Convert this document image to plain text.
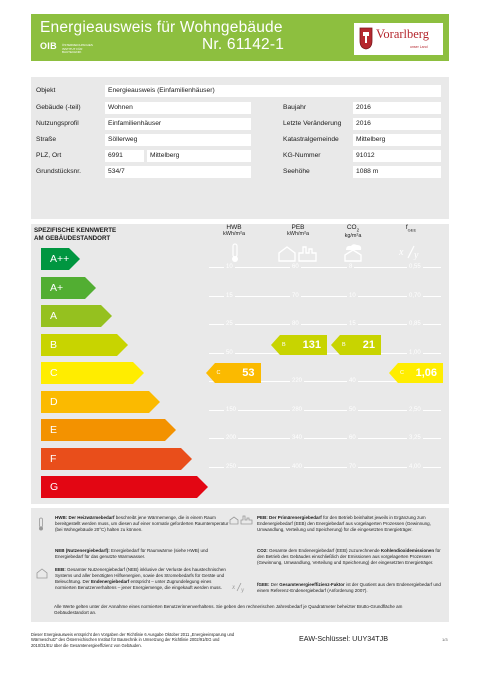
Energieausweis für Wohngebäude
Nr. 61142-1
OIB ÖSTERREICHISCHES INSTITUT FÜR BAUTECHNIK
Vorarlberg
unser Land
Objekt	Energieausweis (Einfamilienhäuser)
Gebäude (-teil)	Wohnen	Baujahr	2016
Nutzungsprofil	Einfamilienhäuser	Letzte Veränderung	2016
Straße	Söllerweg	Katastralgemeinde	Mittelberg
PLZ, Ort	6991	Mittelberg	KG-Nummer	91012
Grundstücksnr.	534/7	Seehöhe	1088 m
SPEZIFISCHE KENNWERTE
AM GEBÄUDESTANDORT
HWB
kWh/m²a
PEB
kWh/m²a
$CO_2$
kg/m²a
$f_{GEE}$
x y
10	60	8	0,55
15	70	10	0,70
25	80	15	0,85
50	1,00
220	40
150	280	50	2,50
200	340	60	3,25
250	400	70	4,00
A++
A+
A
B
C
D
E
F
G
C 53
B 131	B 21
C 1,06
HWB: Der Heizwärmebedarf beschreibt jene Wärmemenge, die in einem Raum bereitgestellt werden muss, um diesen auf einer normativ geforderten Raumtemperatur (bei Wohngebäude 20°C) halten zu können.
NEB (Nutzenergiebedarf): Energiebedarf für Raumwärme (siehe HWB) und Energiebedarf für das genutzte Warmwasser.
EEB: Gesamter Nutzenergiebedarf (NEB) inklusive der Verluste des haustechnischen Systems und aller benötigten Hilfsenergien, sowie des Stromebedarfs für Geräte und Beleuchtung. Der Endenergiebedarf entspricht – unter Zugrundelegung eines normierten Benutzerverhaltens – jener Energiemenge, die eingekauft werden muss.
PEB: Der Primärenergiebedarf für den Betrieb beinhaltet jeweils in Ergänzung zum Endenergiebedarf (EEB) den Energiebedarf aus vorgelagerten Prozessen (Gewinnung, Umwandlung, Verteilung und Speicherung) für die eingesetzten Energieträger.
CO2: Gesamte dem Endenergiebedarf (EEB) zuzurechnende Kohlendioxidemissionen für den Betrieb des Gebäudes einschließlich der Emissionen aus vorgelagerten Prozessen (Gewinnung, Umwandlung, Verteilung und Speicherung) der eingesetzten Energieträger.
x y
fGEE: Der Gesamtenergieeffizienz-Faktor ist der Quotient aus dem Endenergiebedarf und einem Referenz-Endenergiebedarf (Anforderung 2007).
Alle Werte gelten unter der Annahme eines normierten Benutzerinnenverhaltens. Sie geben den rechnerischen Jahresbedarf je Quadratmeter beheizter Brutto-Grundfläche am Gebäudestandort an.
Dieser Energieausweis entspricht den Vorgaben der Richtlinie 6 Ausgabe Oktober 2011 „Energieeinsparung und Wärmeschutz“ des Österreichischen Institut für Bautechnik in Umsetzung der Richtlinie 2002/91/EG und 2010/31/EU über die Gesamtenergieeffizienz von Gebäuden.
EAW-Schlüssel: UUY34TJB	1/3
